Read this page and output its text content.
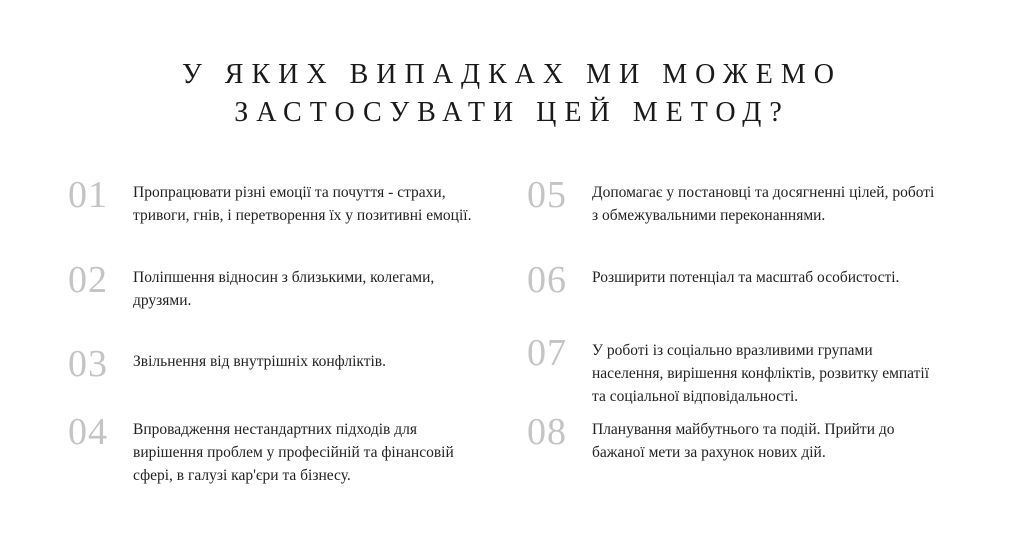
У ЯКИХ ВИПАДКАХ МИ МОЖЕМО
ЗАСТОСУВАТИ ЦЕЙ МЕТОД?
01 Пропрацювати різні емоції та почуття - страхи, тривоги, гнів, і перетворення їх у позитивні емоції.
02 Поліпшення відносин з близькими, колегами, друзями.
03 Звільнення від внутрішніх конфліктів.
04 Впровадження нестандартних підходів для вирішення проблем у професійній та фінансовій сфері, в галузі кар'єри та бізнесу.
05 Допомагає у постановці та досягненні цілей, роботі з обмежувальними переконаннями.
06 Розширити потенціал та масштаб особистості.
07 У роботі із соціально вразливими групами населення, вирішення конфліктів, розвитку емпатії та соціальної відповідальності.
08 Планування майбутнього та подій. Прийти до бажаної мети за рахунок нових дій.
